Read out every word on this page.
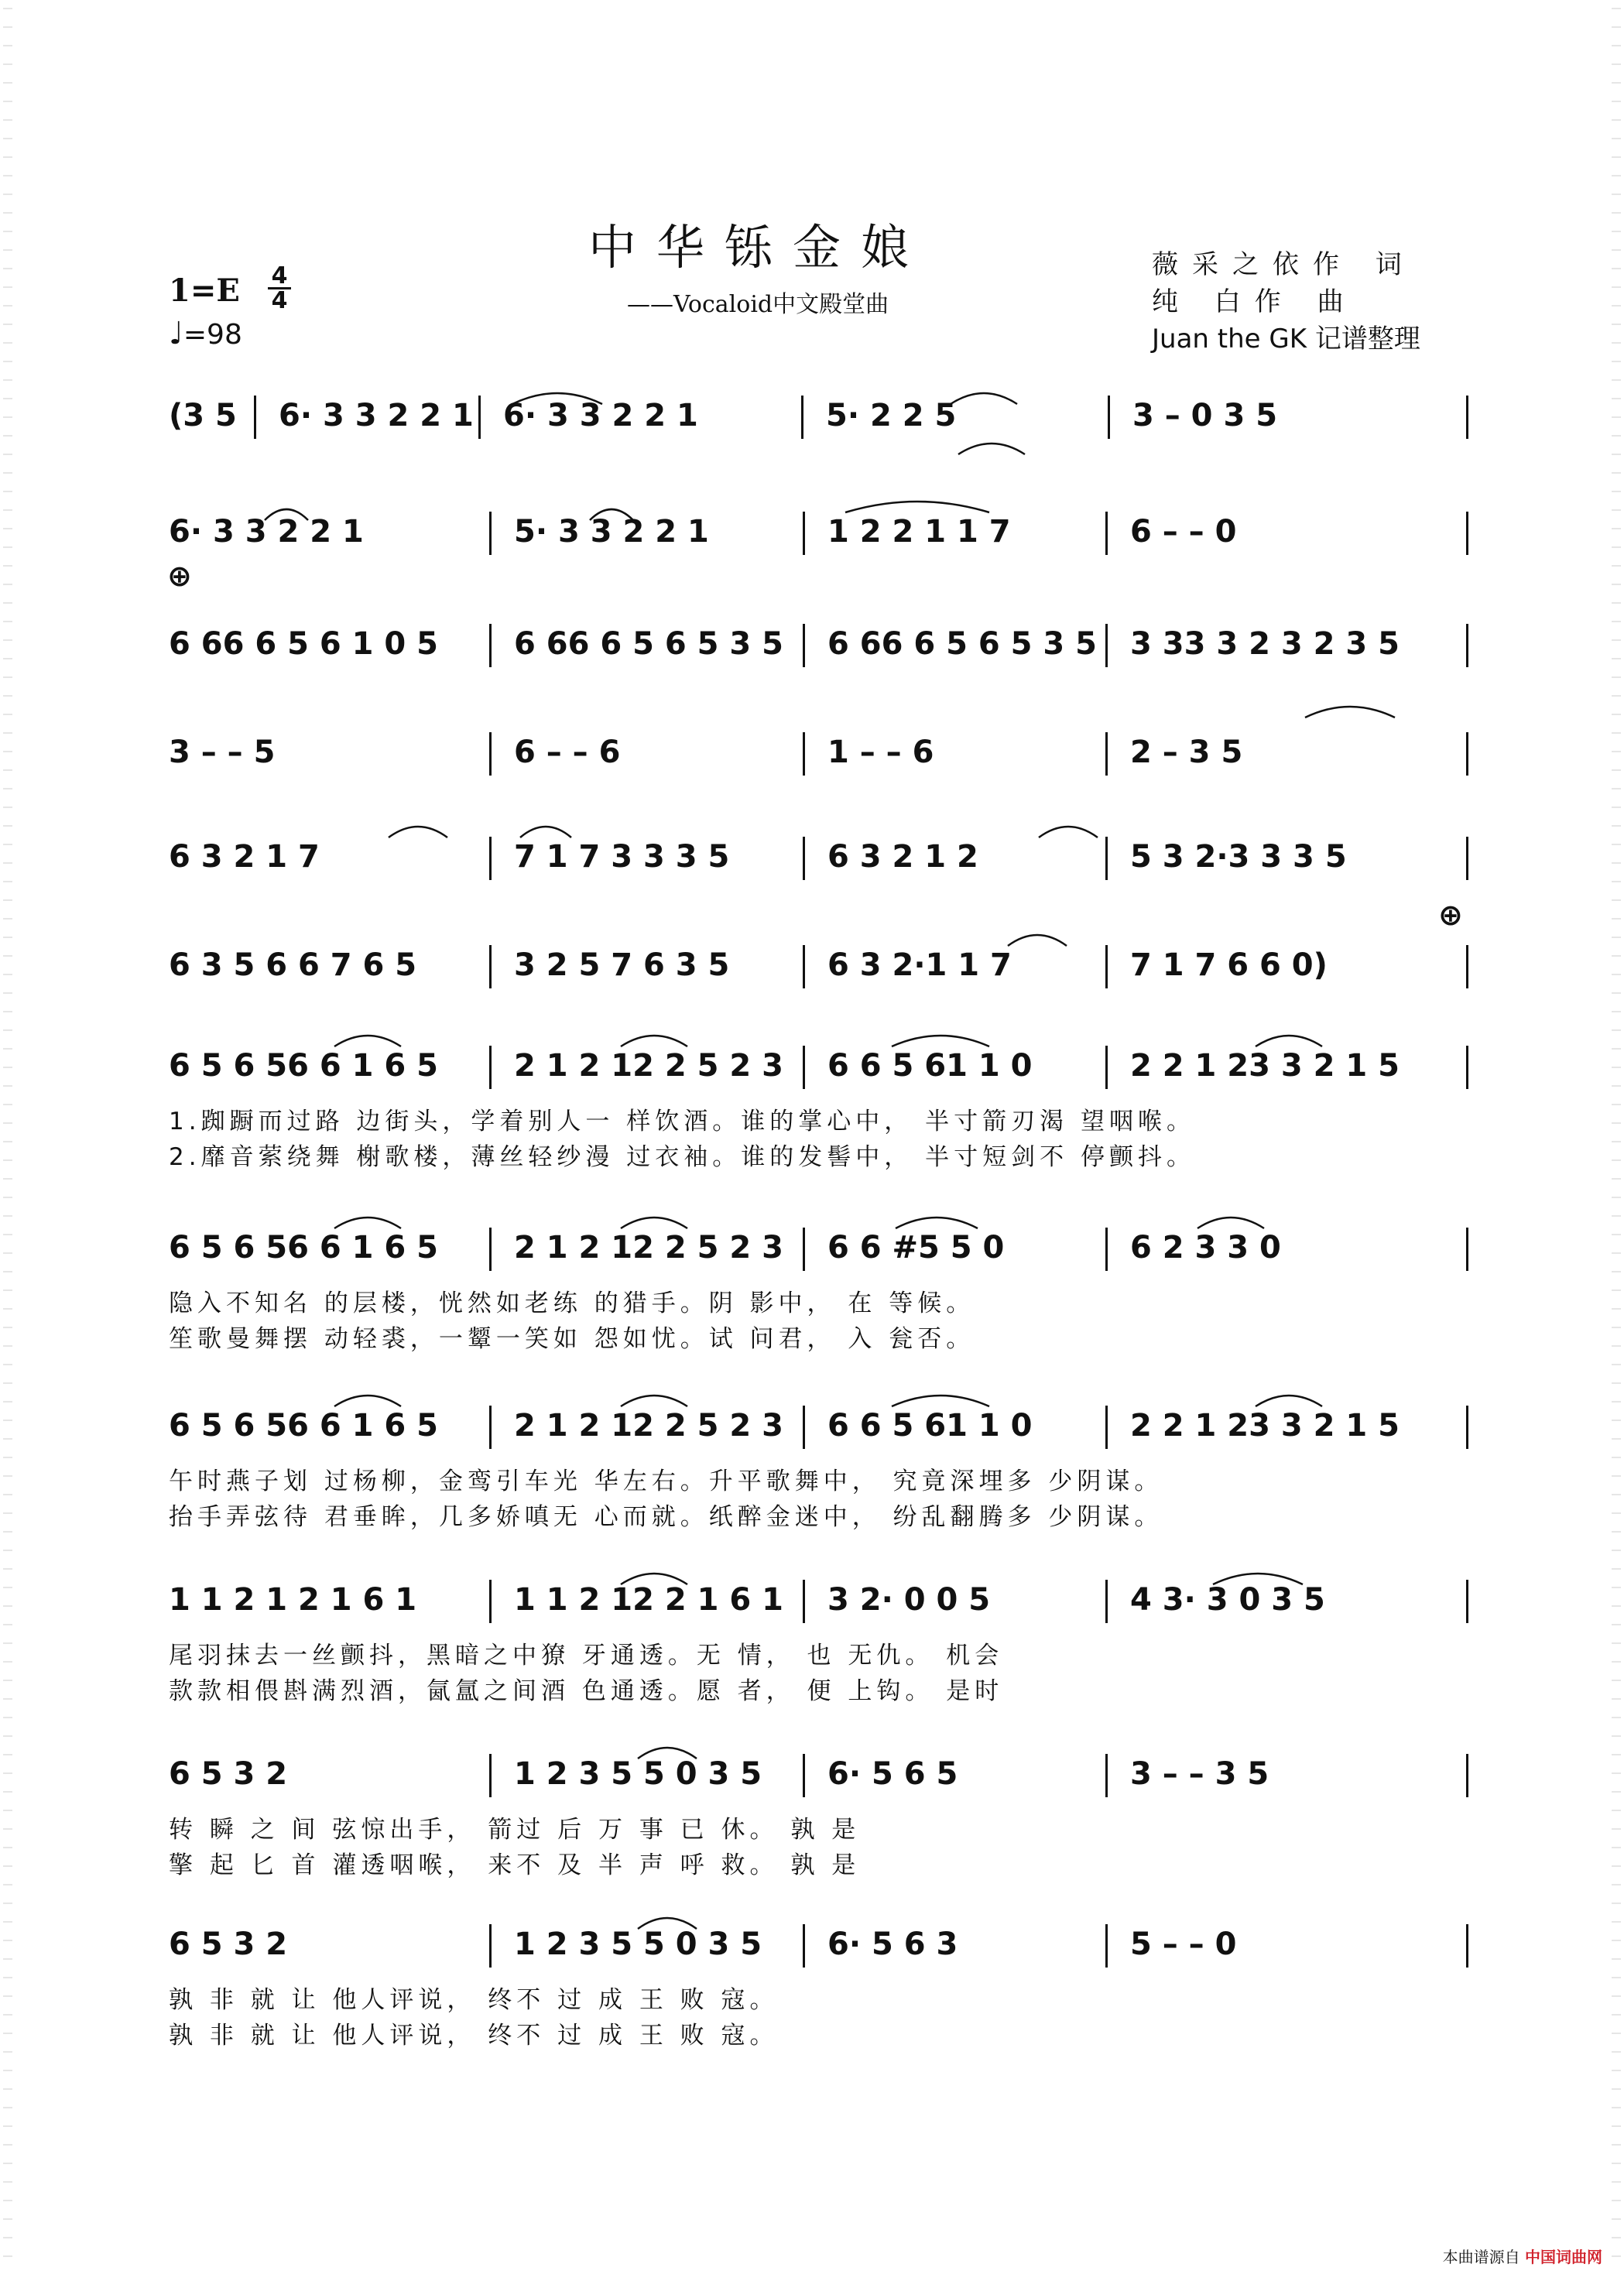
中华铄金娘
——Vocaloid中文殿堂曲
薇采之依作 词
纯 白作 曲
Juan the GK 记谱整理
1=E 4
4
♩=98
(3 5 6· 3 3 2 2 1 6· 3 3 2 2 1	5· 2 2 5	3 – 0 3 5
6· 3 3 2 2 1	5· 3 3 2 2 1	1 2 2 1 1 7	6 – – 0
6 66 6 5 6 1 0 5	6 66 6 5 6 5 3 5	6 66 6 5 6 5 3 5	3 33 3 2 3 2 3 5
3 – – 5	6 – – 6	1 – – 6	2 – 3 5
6 3 2 1 7	7 1 7 3 3 3 5	6 3 2 1 2	5 3 2·3 3 3 5
6 3 5 6 6 7 6 5	3 2 5 7 6 3 5	6 3 2·1 1 7	7 1 7 6 6 0)
6 5 6 56 6 1 6 5	2 1 2 12 2 5 2 3	6 6 5 61 1 0	2 2 1 23 3 2 1 5
1.踟蹰而过路 边街头，学着别人一 样饮酒。谁的掌心中， 半寸箭刃渴 望咽喉。
2.靡音萦绕舞 榭歌楼，薄丝轻纱漫 过衣袖。谁的发髻中， 半寸短剑不 停颤抖。
6 5 6 56 6 1 6 5	2 1 2 12 2 5 2 3	6 6 #5 5 0	6 2 3 3 0
隐入不知名 的层楼，恍然如老练 的猎手。阴 影中， 在 等候。
笙歌曼舞摆 动轻裘，一颦一笑如 怨如忧。试 问君， 入 瓮否。
6 5 6 56 6 1 6 5	2 1 2 12 2 5 2 3	6 6 5 61 1 0	2 2 1 23 3 2 1 5
午时燕子划 过杨柳，金鸾引车光 华左右。升平歌舞中， 究竟深埋多 少阴谋。
抬手弄弦待 君垂眸，几多娇嗔无 心而就。纸醉金迷中， 纷乱翻腾多 少阴谋。
1 1 2 1 2 1 6 1	1 1 2 12 2 1 6 1	3 2· 0 0 5	4 3· 3 0 3 5
尾羽抹去一丝颤抖，黑暗之中獠 牙通透。无 情， 也 无仇。 机会
款款相偎斟满烈酒，氤氲之间酒 色通透。愿 者， 便 上钩。 是时
6 5 3 2	1 2 3 5 5 0 3 5	6· 5 6 5	3 – – 3 5
转 瞬 之 间 弦惊出手， 箭过 后 万 事 已 休。 孰 是
擎 起 匕 首 灌透咽喉， 来不 及 半 声 呼 救。 孰 是
6 5 3 2	1 2 3 5 5 0 3 5	6· 5 6 3	5 – – 0
孰 非 就 让 他人评说， 终不 过 成 王 败 寇。
孰 非 就 让 他人评说， 终不 过 成 王 败 寇。
本曲谱源自 中国词曲网
⊕
⊕
